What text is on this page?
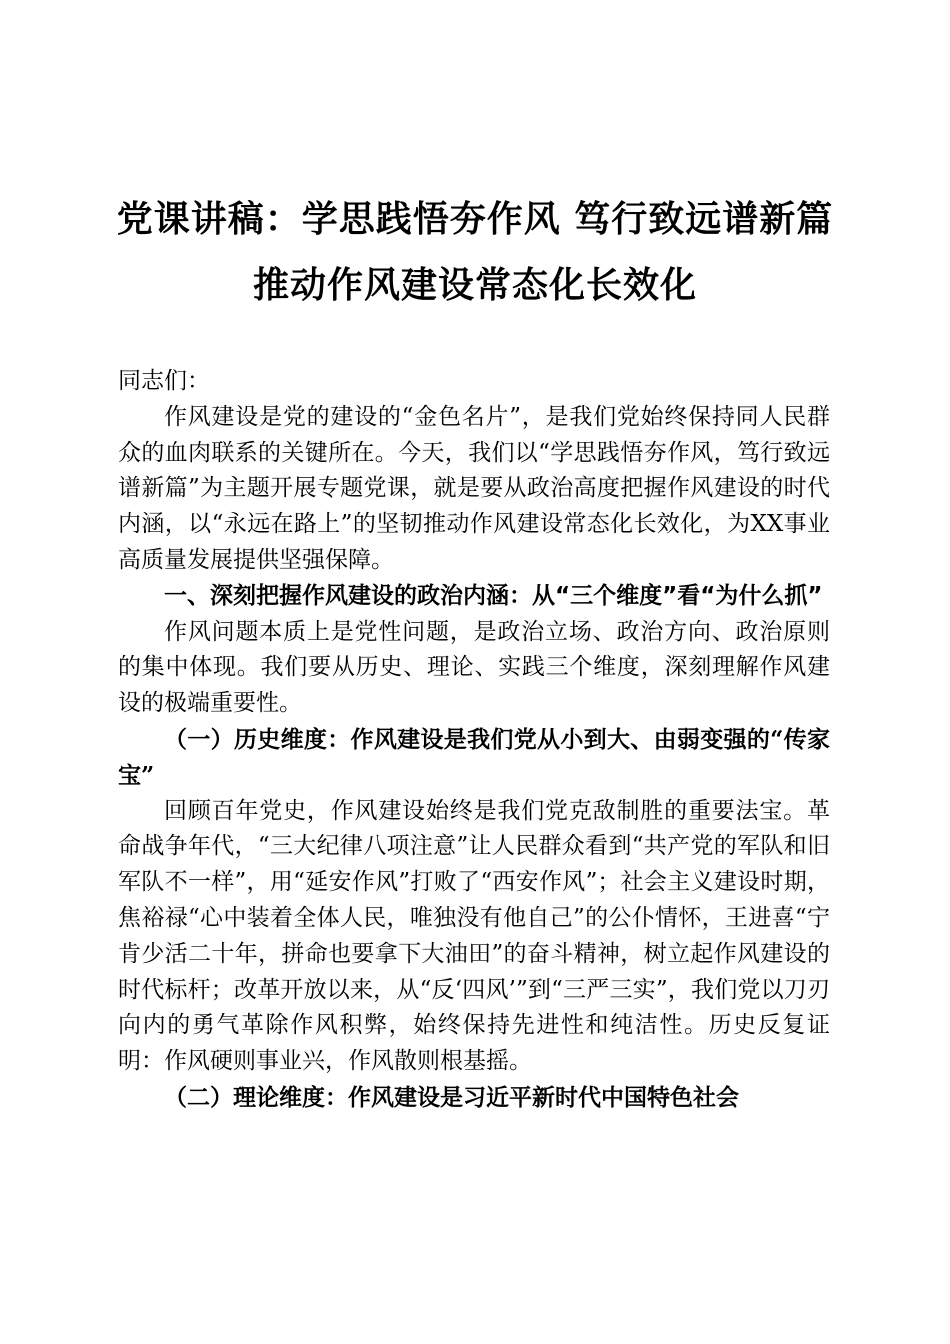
党课讲稿：学思践悟夯作风 笃行致远谱新篇
推动作风建设常态化长效化

同志们：

作风建设是党的建设的“金色名片”，是我们党始终保持同人民群众的血肉联系的关键所在。今天，我们以“学思践悟夯作风，笃行致远谱新篇”为主题开展专题党课，就是要从政治高度把握作风建设的时代内涵，以“永远在路上”的坚韧推动作风建设常态化长效化，为XX事业高质量发展提供坚强保障。

一、深刻把握作风建设的政治内涵：从“三个维度”看“为什么抓”

作风问题本质上是党性问题，是政治立场、政治方向、政治原则的集中体现。我们要从历史、理论、实践三个维度，深刻理解作风建设的极端重要性。

（一）历史维度：作风建设是我们党从小到大、由弱变强的“传家宝”

回顾百年党史，作风建设始终是我们党克敌制胜的重要法宝。革命战争年代，“三大纪律八项注意”让人民群众看到“共产党的军队和旧军队不一样”，用“延安作风”打败了“西安作风”；社会主义建设时期，焦裕禄“心中装着全体人民，唯独没有他自己”的公仆情怀，王进喜“宁肯少活二十年，拼命也要拿下大油田”的奋斗精神，树立起作风建设的时代标杆；改革开放以来，从“反‘四风’”到“三严三实”，我们党以刀刃向内的勇气革除作风积弊，始终保持先进性和纯洁性。历史反复证明：作风硬则事业兴，作风散则根基摇。

（二）理论维度：作风建设是习近平新时代中国特色社会
